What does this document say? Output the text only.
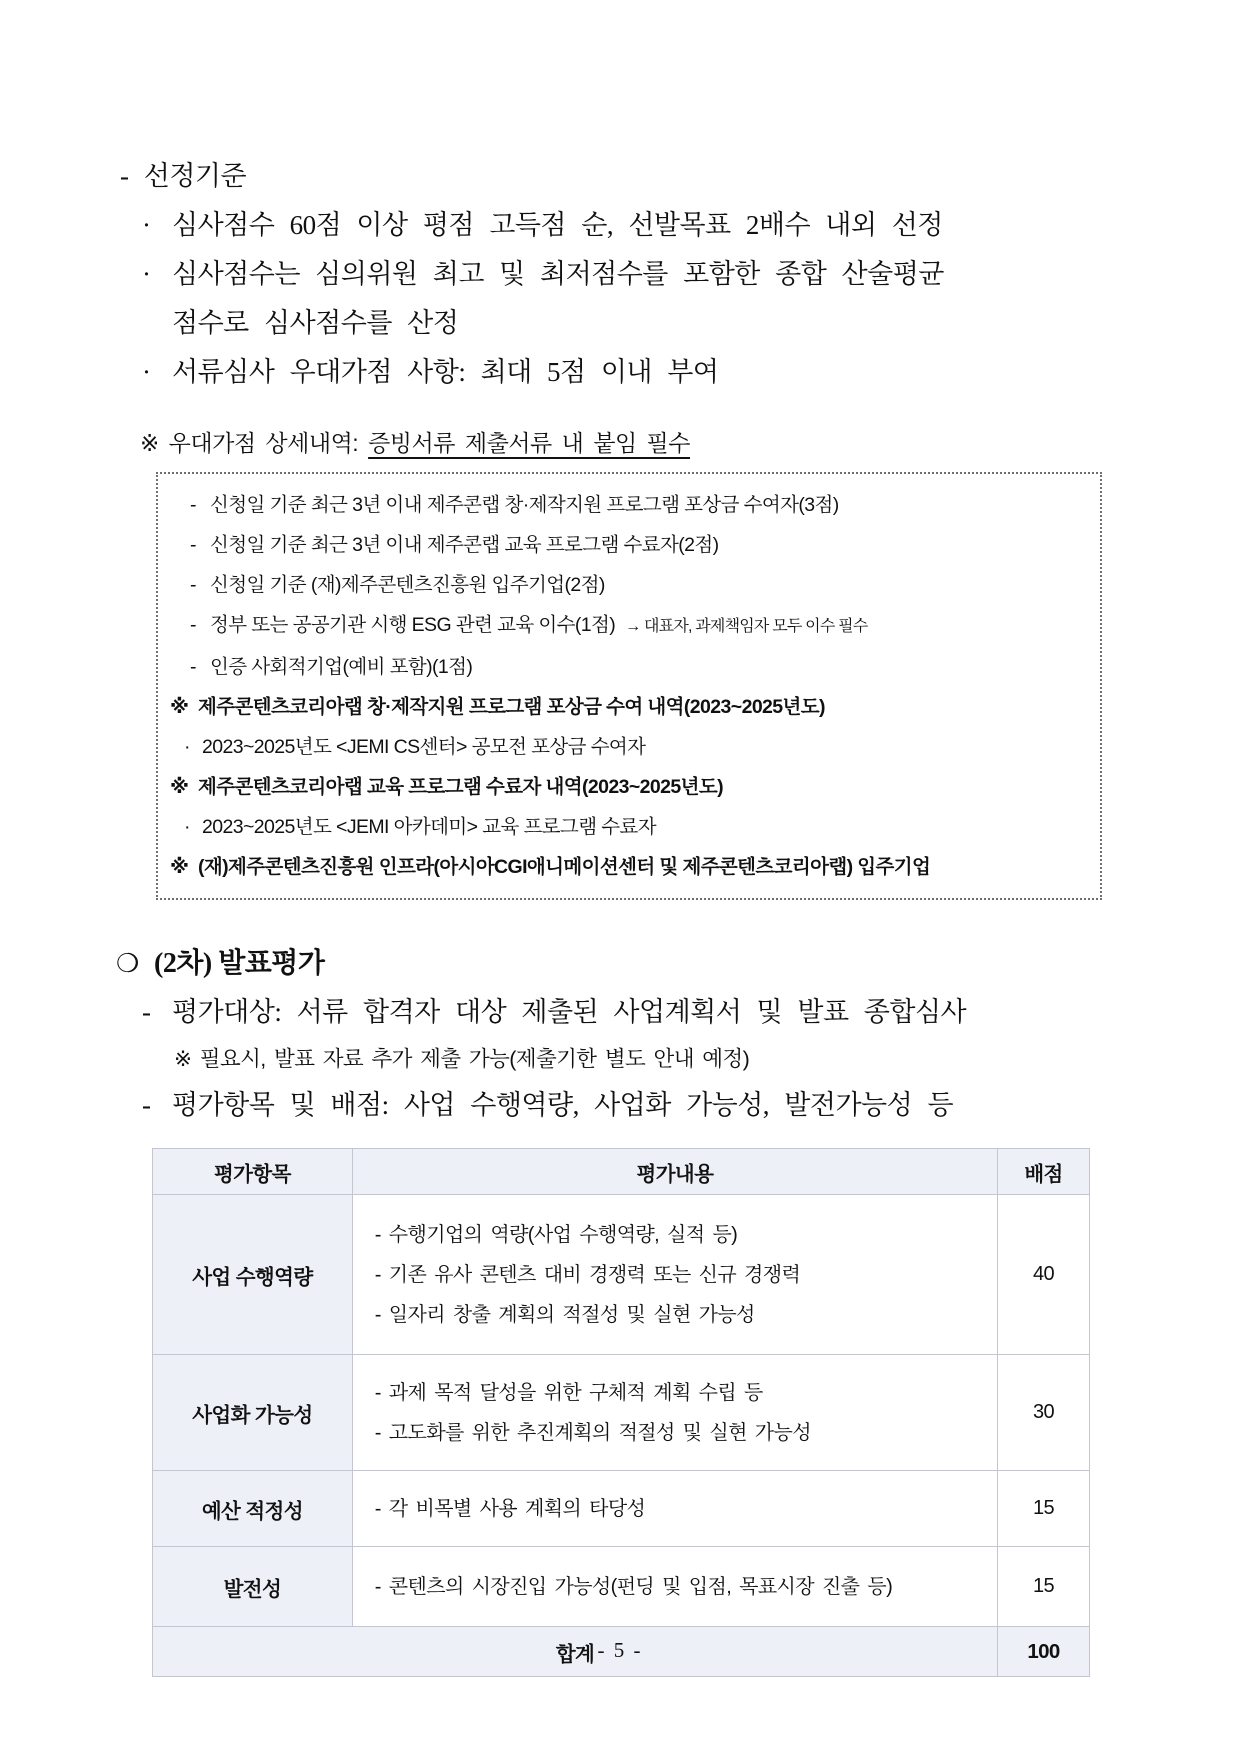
- 선정기준
· 심사점수 60점 이상 평점 고득점 순, 선발목표 2배수 내외 선정
· 심사점수는 심의위원 최고 및 최저점수를 포함한 종합 산술평균
점수로 심사점수를 산정
· 서류심사 우대가점 사항: 최대 5점 이내 부여
※ 우대가점 상세내역: 증빙서류 제출서류 내 붙임 필수
- 신청일 기준 최근 3년 이내 제주콘랩 창·제작지원 프로그램 포상금 수여자(3점)
- 신청일 기준 최근 3년 이내 제주콘랩 교육 프로그램 수료자(2점)
- 신청일 기준 (재)제주콘텐츠진흥원 입주기업(2점)
- 정부 또는 공공기관 시행 ESG 관련 교육 이수(1점) → 대표자, 과제책임자 모두 이수 필수
- 인증 사회적기업(예비 포함)(1점)
※ 제주콘텐츠코리아랩 창·제작지원 프로그램 포상금 수여 내역(2023~2025년도)
· 2023~2025년도 <JEMI CS센터> 공모전 포상금 수여자
※ 제주콘텐츠코리아랩 교육 프로그램 수료자 내역(2023~2025년도)
· 2023~2025년도 <JEMI 아카데미> 교육 프로그램 수료자
※ (재)제주콘텐츠진흥원 인프라(아시아CGI애니메이션센터 및 제주콘텐츠코리아랩) 입주기업
❍ (2차) 발표평가
- 평가대상: 서류 합격자 대상 제출된 사업계획서 및 발표 종합심사
※ 필요시, 발표 자료 추가 제출 가능(제출기한 별도 안내 예정)
- 평가항목 및 배점: 사업 수행역량, 사업화 가능성, 발전가능성 등
평가항목	평가내용	배점
사업 수행역량	- 수행기업의 역량(사업 수행역량, 실적 등)
- 기존 유사 콘텐츠 대비 경쟁력 또는 신규 경쟁력
- 일자리 창출 계획의 적절성 및 실현 가능성	40
사업화 가능성	- 과제 목적 달성을 위한 구체적 계획 수립 등
- 고도화를 위한 추진계획의 적절성 및 실현 가능성	30
예산 적정성	- 각 비목별 사용 계획의 타당성	15
발전성	- 콘텐츠의 시장진입 가능성(펀딩 및 입점, 목표시장 진출 등)	15
합계		100
- 5 -
